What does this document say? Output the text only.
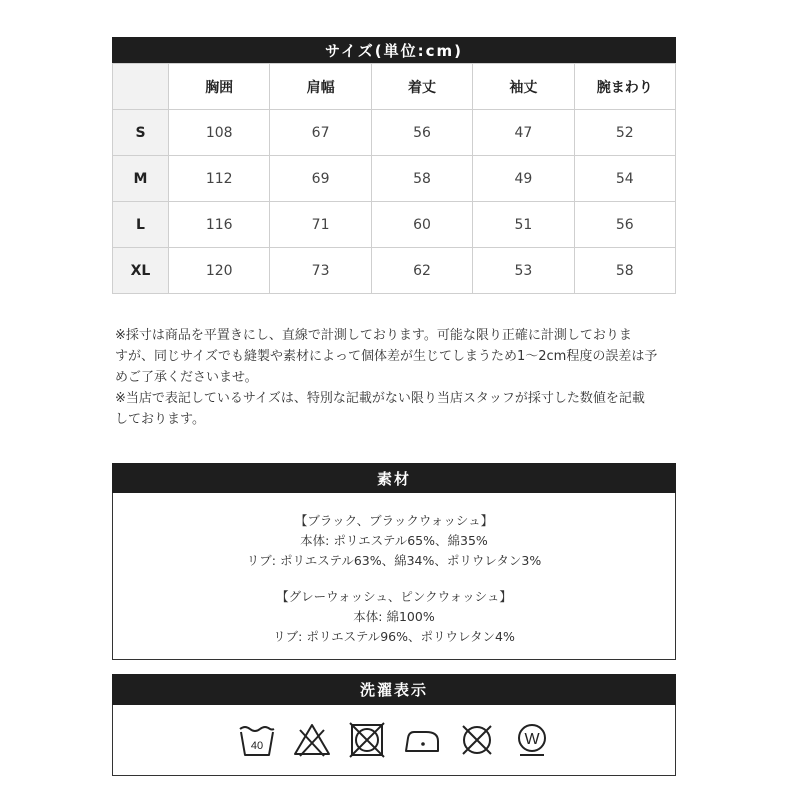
サイズ(単位:cm)
	胸囲	肩幅	着丈	袖丈	腕まわり
S	108	67	56	47	52
M	112	69	58	49	54
L	116	71	60	51	56
XL	120	73	62	53	58

※採寸は商品を平置きにし、直線で計測しております。可能な限り正確に計測しておりま

すが、同じサイズでも縫製や素材によって個体差が生じてしまうため1〜2cm程度の誤差は予

めご了承くださいませ。

※当店で表記しているサイズは、特別な記載がない限り当店スタッフが採寸した数値を記載

しております。

素材

【ブラック、ブラックウォッシュ】

本体: ポリエステル65%、綿35%

リブ: ポリエステル63%、綿34%、ポリウレタン3%

【グレーウォッシュ、ピンクウォッシュ】

本体: 綿100%

リブ: ポリエステル96%、ポリウレタン4%

洗濯表示
40	W
